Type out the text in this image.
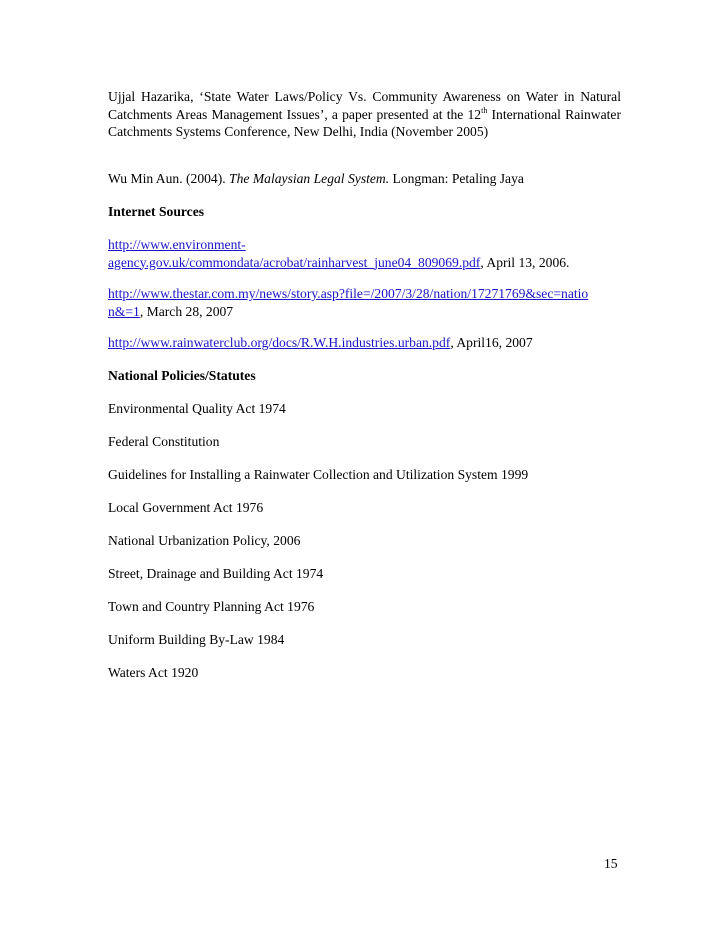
Ujjal Hazarika, ‘State Water Laws/Policy Vs. Community Awareness on Water in Natural Catchments Areas Management Issues’, a paper presented at the 12th International Rainwater Catchments Systems Conference, New Delhi, India (November 2005)

Wu Min Aun. (2004). The Malaysian Legal System. Longman: Petaling Jaya

Internet Sources

http://www.environment-
agency.gov.uk/commondata/acrobat/rainharvest_june04_809069.pdf, April 13, 2006.

http://www.thestar.com.my/news/story.asp?file=/2007/3/28/nation/17271769&sec=natio
n&=1, March 28, 2007

http://www.rainwaterclub.org/docs/R.W.H.industries.urban.pdf, April16, 2007

National Policies/Statutes

Environmental Quality Act 1974

Federal Constitution

Guidelines for Installing a Rainwater Collection and Utilization System 1999

Local Government Act 1976

National Urbanization Policy, 2006

Street, Drainage and Building Act 1974

Town and Country Planning Act 1976

Uniform Building By-Law 1984

Waters Act 1920

15
